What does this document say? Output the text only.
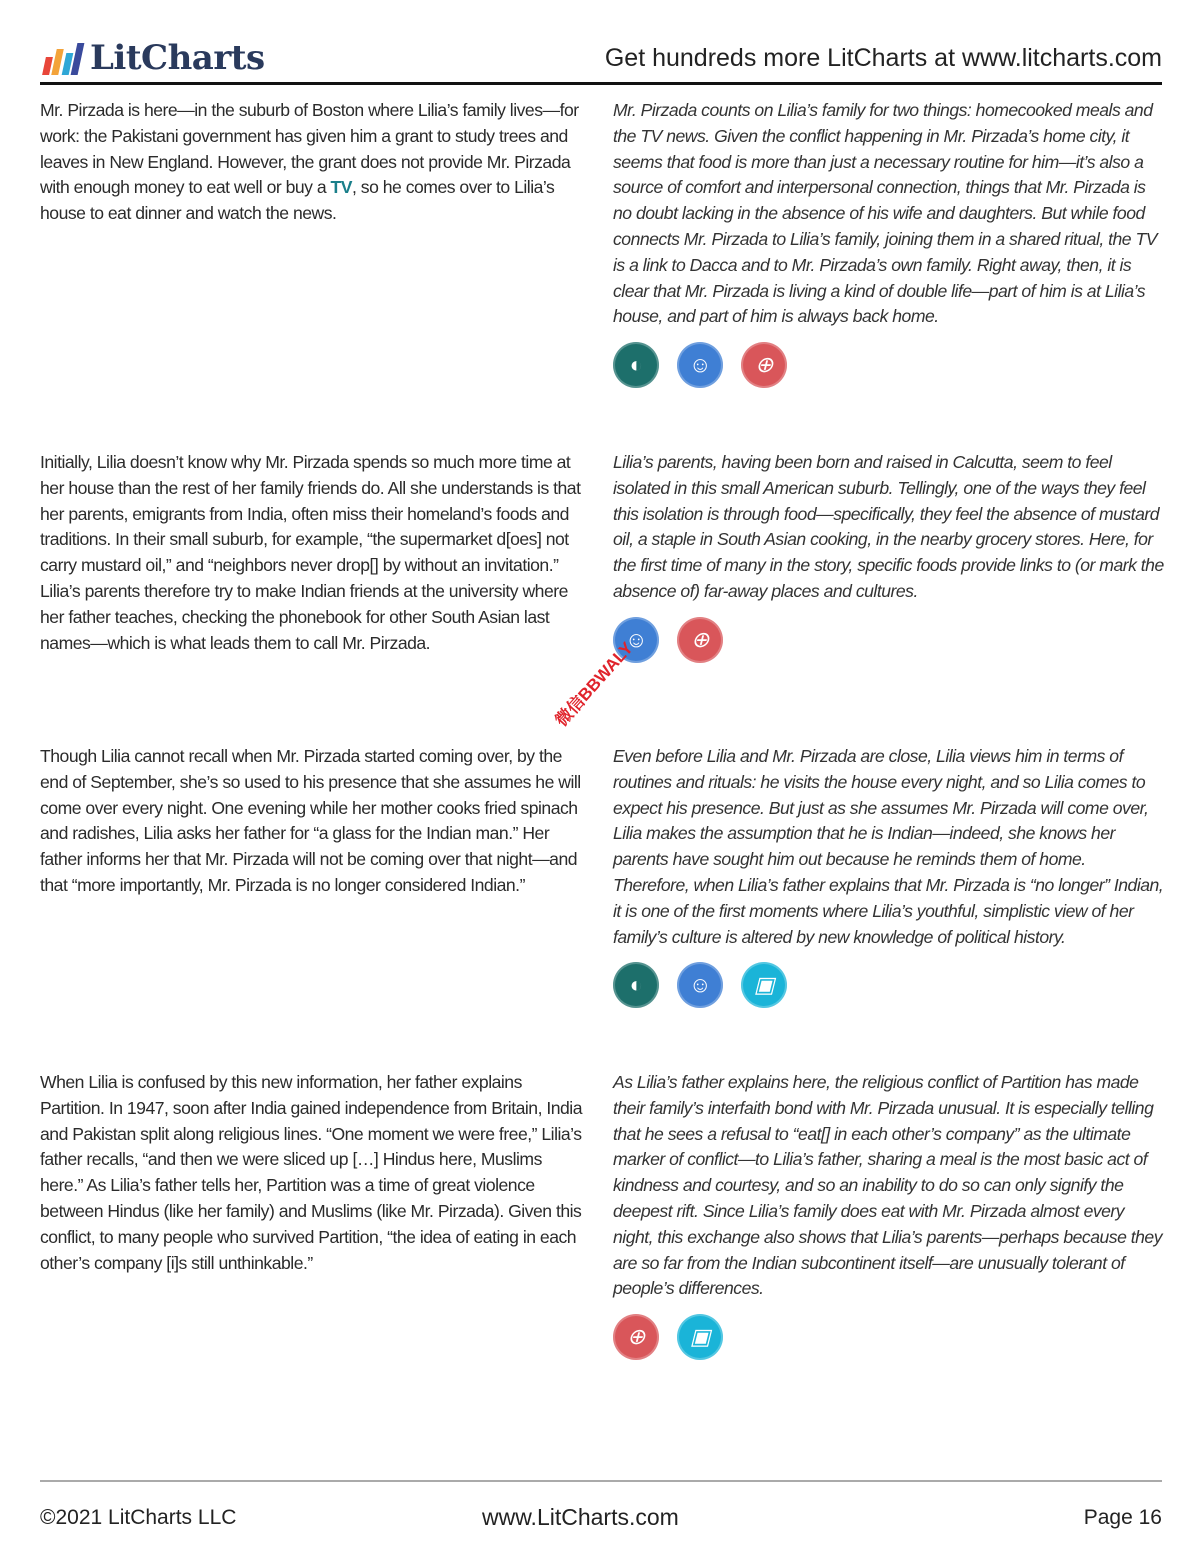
LitCharts	Get hundreds more LitCharts at www.litcharts.com
Mr. Pirzada is here—in the suburb of Boston where Lilia’s family lives—for work: the Pakistani government has given him a grant to study trees and leaves in New England. However, the grant does not provide Mr. Pirzada with enough money to eat well or buy a TV, so he comes over to Lilia’s house to eat dinner and watch the news.
Mr. Pirzada counts on Lilia’s family for two things: homecooked meals and the TV news. Given the conflict happening in Mr. Pirzada’s home city, it seems that food is more than just a necessary routine for him—it’s also a source of comfort and interpersonal connection, things that Mr. Pirzada is no doubt lacking in the absence of his wife and daughters. But while food connects Mr. Pirzada to Lilia’s family, joining them in a shared ritual, the TV is a link to Dacca and to Mr. Pirzada’s own family. Right away, then, it is clear that Mr. Pirzada is living a kind of double life—part of him is at Lilia’s house, and part of him is always back home.
◐ ☺ ⊕
Initially, Lilia doesn’t know why Mr. Pirzada spends so much more time at her house than the rest of her family friends do. All she understands is that her parents, emigrants from India, often miss their homeland’s foods and traditions. In their small suburb, for example, “the supermarket d[oes] not carry mustard oil,” and “neighbors never drop[] by without an invitation.” Lilia’s parents therefore try to make Indian friends at the university where her father teaches, checking the phonebook for other South Asian last names—which is what leads them to call Mr. Pirzada.
Lilia’s parents, having been born and raised in Calcutta, seem to feel isolated in this small American suburb. Tellingly, one of the ways they feel this isolation is through food—specifically, they feel the absence of mustard oil, a staple in South Asian cooking, in the nearby grocery stores. Here, for the first time of many in the story, specific foods provide links to (or mark the absence of) far-away places and cultures.
☺ ⊕
Though Lilia cannot recall when Mr. Pirzada started coming over, by the end of September, she’s so used to his presence that she assumes he will come over every night. One evening while her mother cooks fried spinach and radishes, Lilia asks her father for “a glass for the Indian man.” Her father informs her that Mr. Pirzada will not be coming over that night—and that “more importantly, Mr. Pirzada is no longer considered Indian.”
Even before Lilia and Mr. Pirzada are close, Lilia views him in terms of routines and rituals: he visits the house every night, and so Lilia comes to expect his presence. But just as she assumes Mr. Pirzada will come over, Lilia makes the assumption that he is Indian—indeed, she knows her parents have sought him out because he reminds them of home. Therefore, when Lilia’s father explains that Mr. Pirzada is “no longer” Indian, it is one of the first moments where Lilia’s youthful, simplistic view of her family’s culture is altered by new knowledge of political history.
◐ ☺ ▣
When Lilia is confused by this new information, her father explains Partition. In 1947, soon after India gained independence from Britain, India and Pakistan split along religious lines. “One moment we were free,” Lilia’s father recalls, “and then we were sliced up […] Hindus here, Muslims here.” As Lilia’s father tells her, Partition was a time of great violence between Hindus (like her family) and Muslims (like Mr. Pirzada). Given this conflict, to many people who survived Partition, “the idea of eating in each other’s company [i]s still unthinkable.”
As Lilia’s father explains here, the religious conflict of Partition has made their family’s interfaith bond with Mr. Pirzada unusual. It is especially telling that he sees a refusal to “eat[] in each other’s company” as the ultimate marker of conflict—to Lilia’s father, sharing a meal is the most basic act of kindness and courtesy, and so an inability to do so can only signify the deepest rift. Since Lilia’s family does eat with Mr. Pirzada almost every night, this exchange also shows that Lilia’s parents—perhaps because they are so far from the Indian subcontinent itself—are unusually tolerant of people’s differences.
⊕ ▣
微信BBWALY
©2021 LitCharts LLC	www.LitCharts.com	Page 16
